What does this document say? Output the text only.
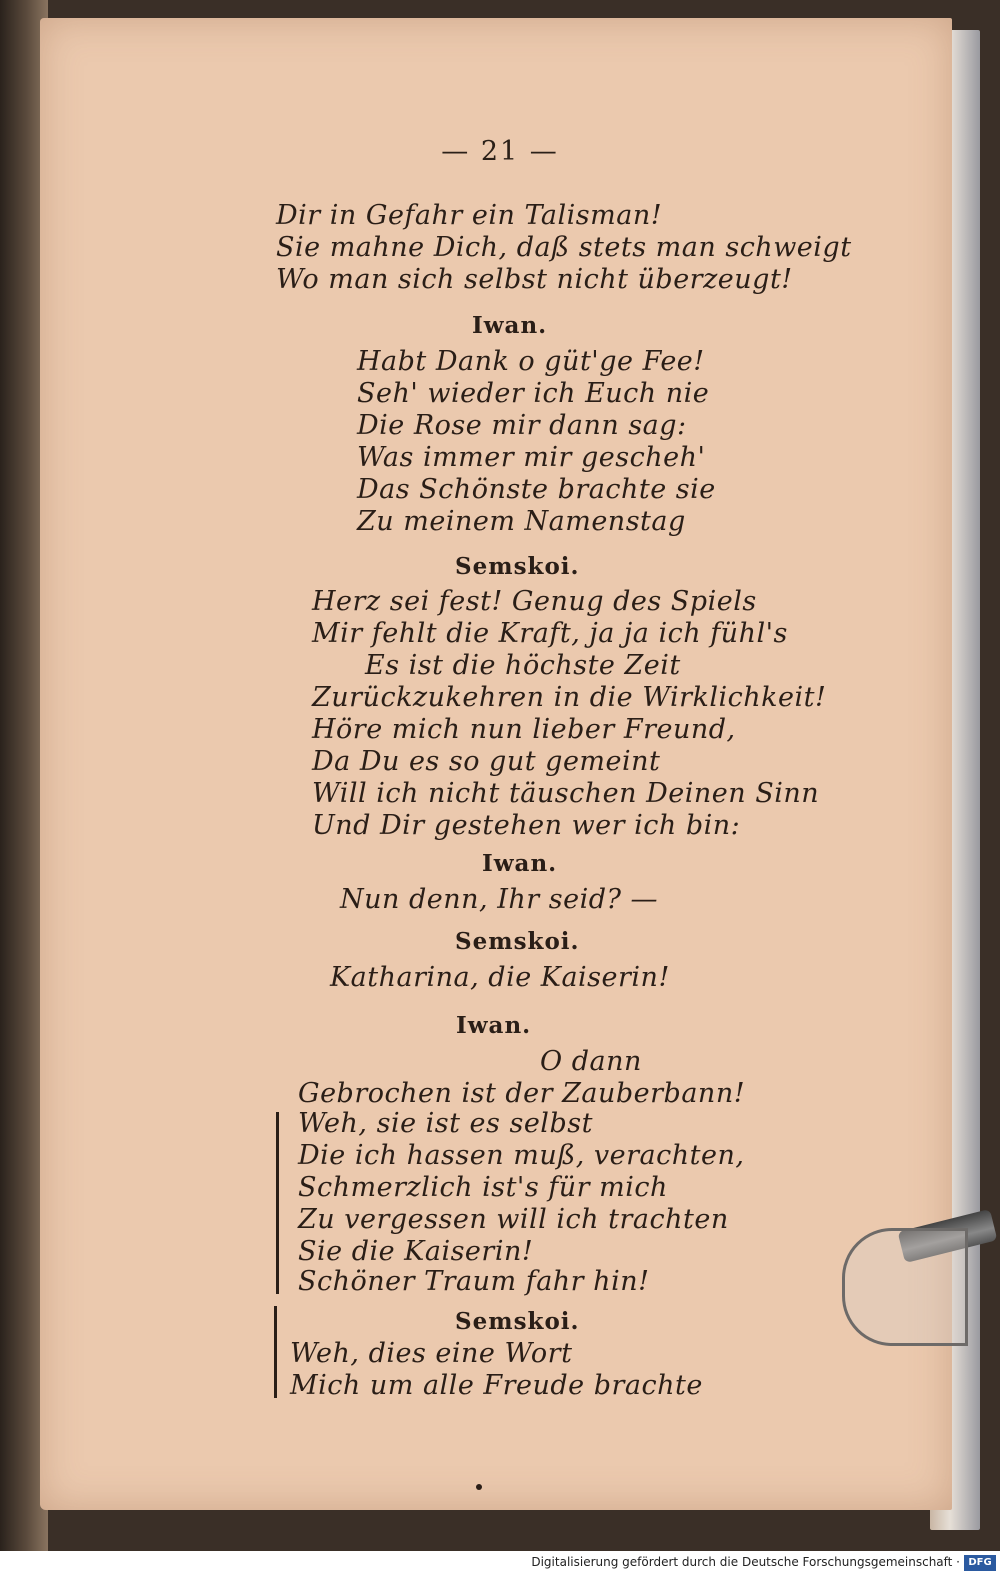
— 21 —
Dir in Gefahr ein Talisman!
Sie mahne Dich, daß stets man schweigt
Wo man sich selbst nicht überzeugt!
Iwan.
Habt Dank o güt'ge Fee!
Seh' wieder ich Euch nie
Die Rose mir dann sag:
Was immer mir gescheh'
Das Schönste brachte sie
Zu meinem Namenstag
Semskoi.
Herz sei fest! Genug des Spiels
Mir fehlt die Kraft, ja ja ich fühl's
Es ist die höchste Zeit
Zurückzukehren in die Wirklichkeit!
Höre mich nun lieber Freund,
Da Du es so gut gemeint
Will ich nicht täuschen Deinen Sinn
Und Dir gestehen wer ich bin:
Iwan.
Nun denn, Ihr seid? —
Semskoi.
Katharina, die Kaiserin!
Iwan.
O dann
Gebrochen ist der Zauberbann!
Weh, sie ist es selbst
Die ich hassen muß, verachten,
Schmerzlich ist's für mich
Zu vergessen will ich trachten
Sie die Kaiserin!
Schöner Traum fahr hin!
Semskoi.
Weh, dies eine Wort
Mich um alle Freude brachte
Digitalisierung gefördert durch die Deutsche Forschungsgemeinschaft · DFG
